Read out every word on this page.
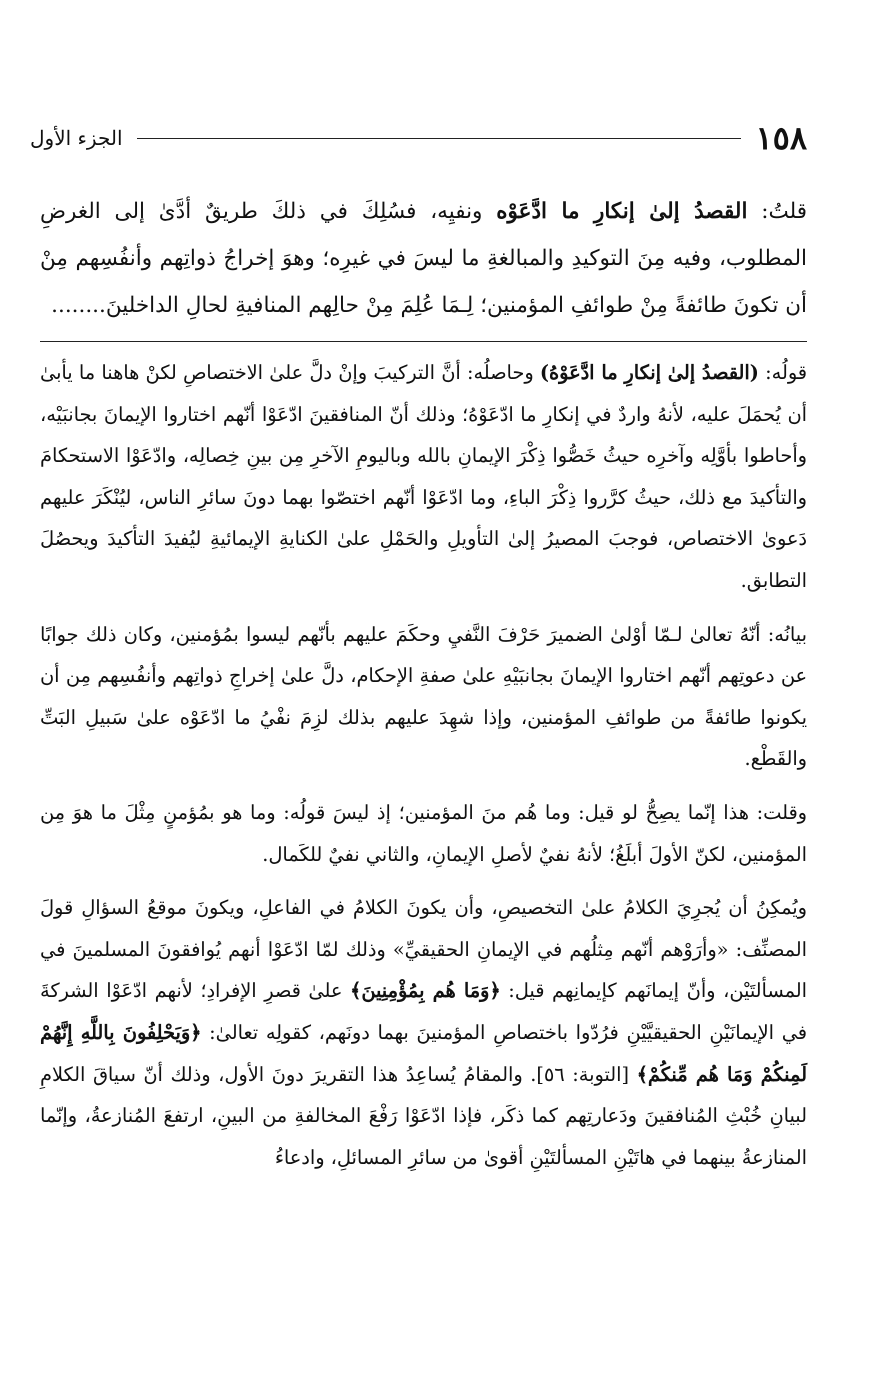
١٥٨
الجزء الأول
قلتُ: القصدُ إلىٰ إنكارِ ما ادَّعَوْه ونفيِه، فسُلِكَ في ذلكَ طريقٌ أدَّىٰ إلى الغرضِ المطلوب، وفيه مِنَ التوكيدِ والمبالغةِ ما ليسَ في غيرِه؛ وهوَ إخراجُ ذواتِهم وأنفُسِهم مِنْ أن تكونَ طائفةً مِنْ طوائفِ المؤمنين؛ لِـمَا عُلِمَ مِنْ حالِهم المنافيةِ لحالِ الداخلينَ........

قولُه: (القصدُ إلىٰ إنكارِ ما ادَّعَوْهُ) وحاصلُه: أنَّ التركيبَ وإنْ دلَّ علىٰ الاختصاصِ لكنْ هاهنا ما يأبىٰ أن يُحمَلَ عليه، لأنهُ واردٌ في إنكارِ ما ادّعَوْهُ؛ وذلك أنّ المنافقينَ ادّعَوْا أنّهم اختاروا الإيمانَ بجانبَيْه، وأحاطوا بأوَّلِه وآخرِه حيثُ خَصُّوا ذِكْرَ الإيمانِ بالله وباليومِ الآخرِ مِن بينِ خِصالِه، وادّعَوْا الاستحكامَ والتأكيدَ مع ذلك، حيثُ كرَّروا ذِكْرَ الباءِ، وما ادّعَوْا أنّهم اختصّوا بهما دونَ سائرِ الناس، ليُنْكَرَ عليهم دَعوىٰ الاختصاص، فوجبَ المصيرُ إلىٰ التأويلِ والحَمْلِ علىٰ الكنايةِ الإيمائيةِ ليُفيدَ التأكيدَ ويحصُلَ التطابق.

بيانُه: أنّهُ تعالىٰ لـمّا أوْلىٰ الضميرَ حَرْفَ النَّفيِ وحكَمَ عليهم بأنّهم ليسوا بمُؤمنين، وكان ذلك جوابًا عن دعوتِهم أنّهم اختاروا الإيمانَ بجانبَيْهِ علىٰ صفةِ الإحكام، دلَّ علىٰ إخراجِ ذواتِهم وأنفُسِهم مِن أن يكونوا طائفةً من طوائفِ المؤمنين، وإذا شهِدَ عليهم بذلك لزِمَ نفْيُ ما ادّعَوْه علىٰ سَبيلِ البَتِّ والقَطْع.

وقلت: هذا إنّما يصِحُّ لو قيل: وما هُم منَ المؤمنين؛ إذ ليسَ قولُه: وما هو بمُؤمنٍ مِثْلَ ما هوَ مِن المؤمنين، لكنّ الأولَ أبلَغُ؛ لأنهُ نفيٌ لأصلِ الإيمانِ، والثاني نفيٌ للكَمال.

ويُمكِنُ أن يُجرِيَ الكلامُ علىٰ التخصيصِ، وأن يكونَ الكلامُ في الفاعلِ، ويكونَ موقعُ السؤالِ قولَ المصنِّف: «وأرَوْهم أنّهم مِثلُهم في الإيمانِ الحقيقيِّ» وذلك لمّا ادّعَوْا أنهم يُوافقونَ المسلمينَ في المسألتَيْن، وأنّ إيمانَهم كإيمانِهم قيل: ﴿وَمَا هُم بِمُؤْمِنِينَ﴾ علىٰ قصرِ الإفرادِ؛ لأنهم ادّعَوْا الشركةَ في الإيمانَيْنِ الحقيقيَّيْنِ فرُدّوا باختصاصِ المؤمنينَ بهما دونَهم، كقولِه تعالىٰ: ﴿وَيَحْلِفُونَ بِاللَّهِ إِنَّهُمْ لَمِنكُمْ وَمَا هُم مِّنكُمْ﴾ [التوبة: ٥٦]. والمقامُ يُساعِدُ هذا التقريرَ دونَ الأول، وذلك أنّ سياقَ الكلامِ لبيانِ خُبْثِ المُنافقينَ ودَعارتِهم كما ذكَر، فإذا ادّعَوْا رَفْعَ المخالفةِ من البينِ، ارتفعَ المُنازعةُ، وإنّما المنازعةُ بينهما في هاتَيْنِ المسألتَيْنِ أقوىٰ من سائرِ المسائلِ، وادعاءُ
